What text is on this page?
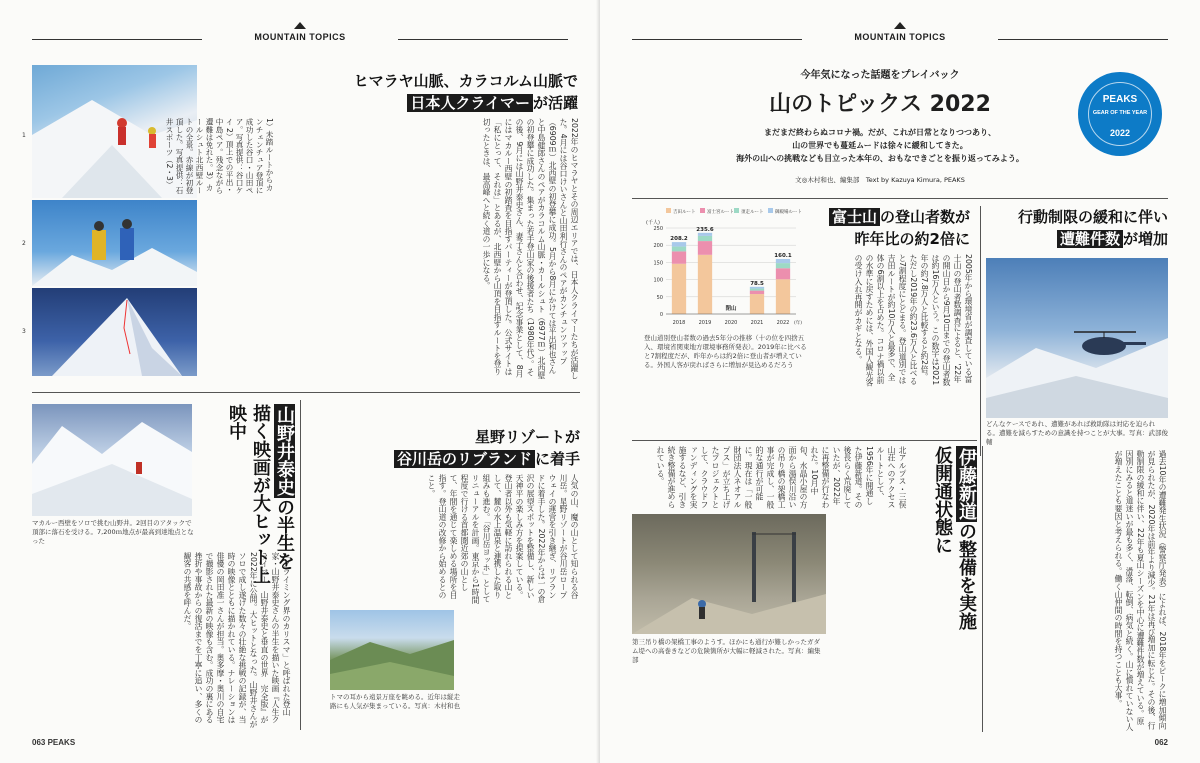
MOUNTAIN TOPICS
1
2
3
ヒマラヤ山脈、カラコルム山脈で
日本人クライマー が活躍
1）未踏ルートからカンチェンチュア登頂に成功した谷口・山田ペア。写真提供：谷口ケイ 2）頂上での平出・中島ペア。残念ながら遭難は免れた。3）カールシュト北西壁ルートの全景。赤線が初登頂した。写真提供：石井スポーツ（2・3）	2022年のヒマラヤとその周辺エリアでは、日本人クライマーたちが活躍した。4月には谷口けいさんと山田利行さんのペアがカンチュンツァップ（6909ｍ）北西壁の初登攀に成功。5月から8月にかけては平出和也さんと中島健郎さんのペアがカラコルム山脈・カールシュト（6977ｍ）北西壁の初登攀に成功した。集まった若手登山家の後援者たち（1980年代）。その後、9月には山野井泰史さん、妻子さんと合わせ、記念事業として、8月にはマカルー西壁の初踏査を目指すパーティーが登頂した。公式サイトは「私にとって、それは」とあるが、北西壁から山頂を目指すルートを登り切ったときは、最高峰へと続く道の一歩になる。
マカルー西壁をソロで挑む山野井。2回目のアタックで頂部に落石を受ける。7,200ｍ地点が最高到達地点となった
山野井泰史の半生を描く映画が大ヒット上映中
「クライミング界のカリスマ」と呼ばれた登山家・山野井泰史さんの半生を描いた映画『人生クライマー　山野井泰史と垂直の世界　完全版』が2022年に公開。大ヒットとなった。山野井さんがソロで成し遂げた数々の壮絶な挑戦の記録が、当時の映像とともに描かれている。ナレーションは俳優の岡田准一さんが担当。奥多摩・奥川の自宅で撮影された最新の映像も含む。成功の裏にある挫折や事故からの復活までを丁寧に追い、多くの観客の共感を呼んだ。
星野リゾートが
谷川岳のリブランド に着手
人気の山、魔の山として知られる谷川岳。星野リゾートが谷川岳ロープウェイの運営を引き継ぎ、リブランドに着手した。2022年からは一の倉沢の展望スポットを整備し、新しい天神平の楽しみ方を提案している。登山者以外も気軽に訪れられる山として、麓の水上温泉と連携した取り組みも進む。「谷川岳ヨッホ」としてリニューアルを計画。東京から1時間程度で行ける首都圏近郊の山として、年間を通じて楽しめる場所を目指す。登山道の改修から始めるとのこと。
トマの耳から遠景万座を眺める。近年は縦走路にも人気が集まっている。写真：木村和也
063 PEAKS
MOUNTAIN TOPICS
今年気になった話題をプレイバック
山のトピックス 2022
まだまだ終わらぬコロナ禍。だが、これが日常となりつつあり、
山の世界でも蔓延ムードは徐々に緩和してきた。
海外の山への挑戦なども目立った本年の、おもなできごとを振り返ってみよう。
文◎木村和也、編集部　Text by Kazuya Kimura, PEAKS
吉田ルート	富士宮ルート 須走ルート	御殿場ルート
(千人)
0
50
100
150
200
250
208.2
2018
235.6
2019
閉山
2020
78.5
2021
160.1
2022 (年)
登山道別登山者数の過去5年分の推移（十の位を四捨五入、環境省関東地方環境事務所発表）。2019年に比べると7割程度だが、昨年からは約2倍に登山者が増えている。外国人客が戻ればさらに増加が見込めるだろう
富士山 の登山者数が
昨年比の約2倍に
2005年から環境省が調査している富士山の登山者数調査によると、'22年の開山日から9月10日までの登山者数は約16万人という。この数字は2021年の約7.8万人と比較すると約2倍。ただし2019年の約23.6万人と比べると7割程度にとどまる。登山道別では吉田ルートが約10万人と最多で、全体の6割以上を占めた。コロナ禍以前の水準に戻すためには、外国人観光客の受け入れ再開がカギとなる。
行動制限の緩和に伴い
遭難件数 が増加
どんなケースであれ、遭難があれば救助隊は対応を迫られる。遭難を減らすための意識を持つことが大事。写真：武部俊輔
過去10年の遭難発生状況（警察庁発表）によれば、2018年をピークに増加傾向が見られたが、2020年は前年より減少。21年は再び増加に転じた。その後、行動制限の緩和に伴い、22年も夏山シーズンを中心に遭難件数が増えている。原因別にみると道迷いが最も多く、滑落、転倒、病気と続く。山に慣れていない人が増えたことも要因と考えられる。働く山仲間の時間を持つことも大事。
伊藤新道の整備を実施 仮開通状態に
北アルプス・三俣山荘へのアクセスルートとして、1956年に開通した伊藤新道。その後長らく荒廃していたが、2022年に再整備が行なわれた。10月中旬、水晶小屋の方面から湯俣川沿いの吊り橋の架橋工事が完成し、一般的な通行が可能に。現在は「一般財団法人ネオアルプス」が立ち上げたプロジェクトとして、クラウドファンディングを実施するなど、引き続き整備が進められている。
第三吊り橋の架橋工事のようす。ほかにも通行が難しかったガダム堤への高巻きなどの危険箇所が大幅に軽減された。写真：編集部
062
PEAKS
GEAR OF THE YEAR
2022
